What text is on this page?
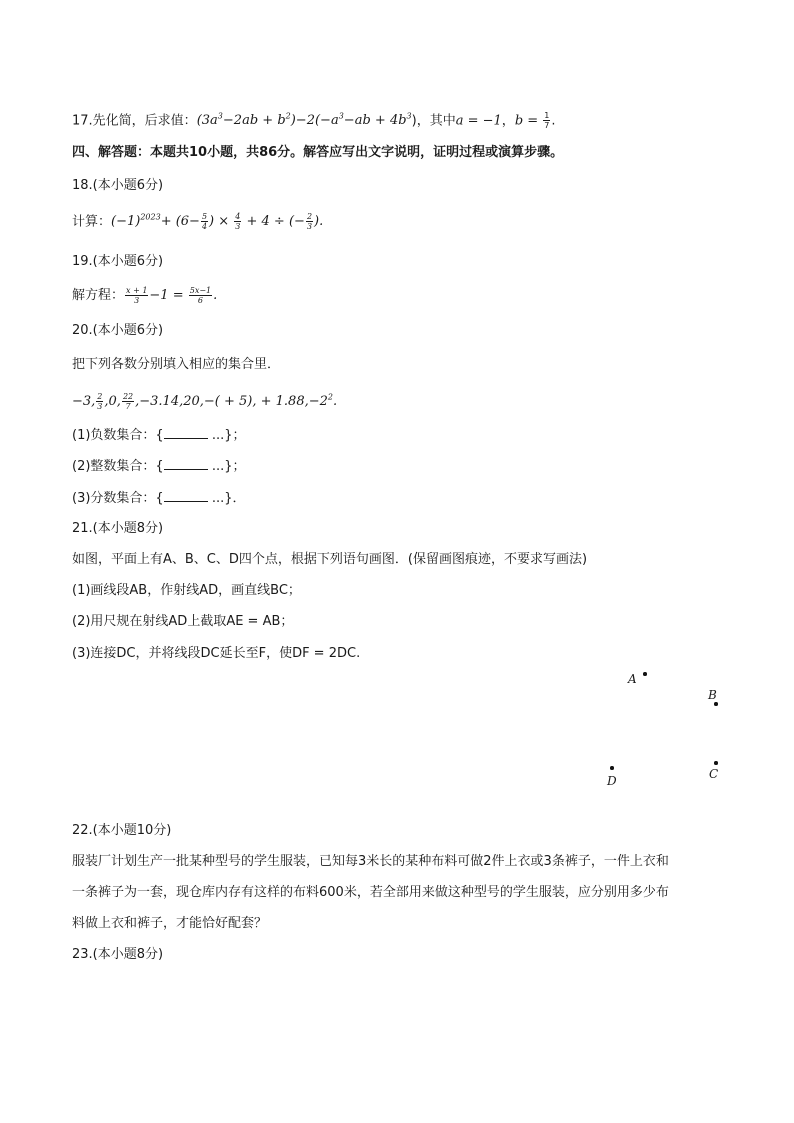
17.先化简，后求值：$(3a^3-2ab + b^2)-2(-a^3-ab + 4b^3)$，其中a = −1，$b = \frac{1}{7}$ .
四、解答题：本题共10小题，共86分。解答应写出文字说明，证明过程或演算步骤。
18.(本小题6分)
计算：$(-1)^{2023}+ (6- \frac{5}{4}$ ) × $\frac{4}{3} + 4$ ÷ (− $\frac{2}{3}$ ).
19.(本小题6分)
解方程： $\frac{x + 1}{3} -1 = \frac{5x-1}{6}$ .
20.(本小题6分)
把下列各数分别填入相应的集合里．
−3, $\frac{2}{3} ,0$, $\frac{22}{7} ,-3.14,20,-( + 5)$, + $1.88,-2^2$.
(1)负数集合：{	...}；
(2)整数集合：{	...}；
(3)分数集合：{	...}．
21.(本小题8分)
如图，平面上有A、B、C、D四个点，根据下列语句画图．(保留画图痕迹，不要求写画法)
(1)画线段AB，作射线AD，画直线BC；
(2)用尺规在射线AD上截取AE = AB；
(3)连接DC，并将线段DC延长至F，使DF = 2DC.
A
B
C
D
22.(本小题10分)
服装厂计划生产一批某种型号的学生服装，已知每3米长的某种布料可做2件上衣或3条裤子，一件上衣和
一条裤子为一套，现仓库内存有这样的布料600米，若全部用来做这种型号的学生服装，应分别用多少布
料做上衣和裤子，才能恰好配套？
23.(本小题8分)
